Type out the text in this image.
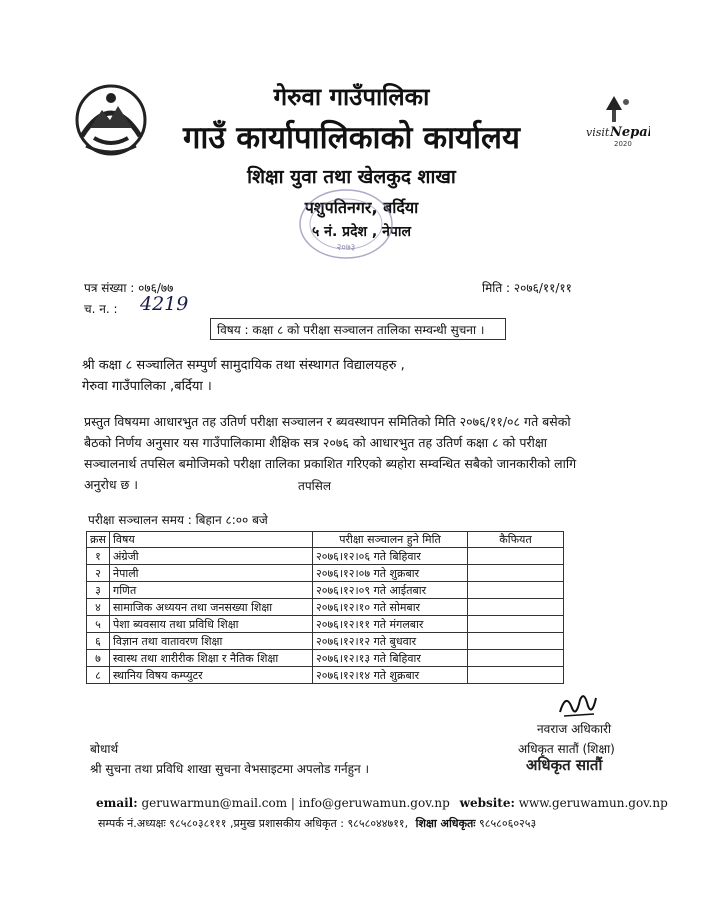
visit Nepal
2020
गेरुवा गाउँपालिका
गाउँ कार्यापालिकाको कार्यालय
शिक्षा युवा तथा खेलकुद शाखा
पशुपतिनगर, बर्दिया
५ नं. प्रदेश , नेपाल
२०७३
पत्र संख्या : ०७६/७७	मिति : २०७६/११/११
च. न. : 4219
विषय : कक्षा ८ को परीक्षा सञ्चालन तालिका सम्वन्धी सुचना ।
श्री कक्षा ८ सञ्चालित सम्पुर्ण सामुदायिक तथा संस्थागत विद्यालयहरु ,
गेरुवा गाउँपालिका ,बर्दिया ।
प्रस्तुत विषयमा आधारभुत तह उतिर्ण परीक्षा सञ्चालन र ब्यवस्थापन समितिको मिति २०७६/११/०८ गते बसेको
बैठको निर्णय अनुसार यस गाउँपालिकामा शैक्षिक सत्र २०७६ को आधारभुत तह उतिर्ण कक्षा ८ को परीक्षा
सञ्चालनार्थ तपसिल बमोजिमको परीक्षा तालिका प्रकाशित गरिएको ब्यहोरा सम्वन्धित सबैको जानकारीको लागि
अनुरोध छ ।	तपसिल
परीक्षा सञ्चालन समय : बिहान ८:०० बजे
क्रस	विषय	परीक्षा सञ्चालन हुने मिति	कैफियत
१	अंग्रेजी	२०७६।१२।०६ गते बिहिवार	
२	नेपाली	२०७६।१२।०७ गते शुक्रबार	
३	गणित	२०७६।१२।०९ गते आईतबार	
४	सामाजिक अध्ययन तथा जनसख्या शिक्षा	२०७६।१२।१० गते सोमबार	
५	पेशा ब्यवसाय तथा प्रविधि शिक्षा	२०७६।१२।११ गते मंगलबार	
६	विज्ञान तथा वातावरण शिक्षा	२०७६।१२।१२ गते बुधवार	
७	स्वास्थ तथा शारीरीक शिक्षा र नैतिक शिक्षा	२०७६।१२।१३ गते बिहिवार	
८	स्थानिय विषय कम्प्युटर	२०७६।१२।१४ गते शुक्रबार	
नवराज अधिकारी
अधिकृत सातौं (शिक्षा)
अधिकृत सातौं
बोधार्थ
श्री सुचना तथा प्रविधि शाखा सुचना वेभसाइटमा अपलोड गर्नहुन ।
email: geruwarmun@mail.com | info@geruwamun.gov.np website: www.geruwamun.gov.np
सम्पर्क नं.अध्यक्षः ९८५८०३८१११ ,प्रमुख प्रशासकीय अधिकृत : ९८५८०४४७११, शिक्षा अधिकृतः ९८५८०६०२५३
